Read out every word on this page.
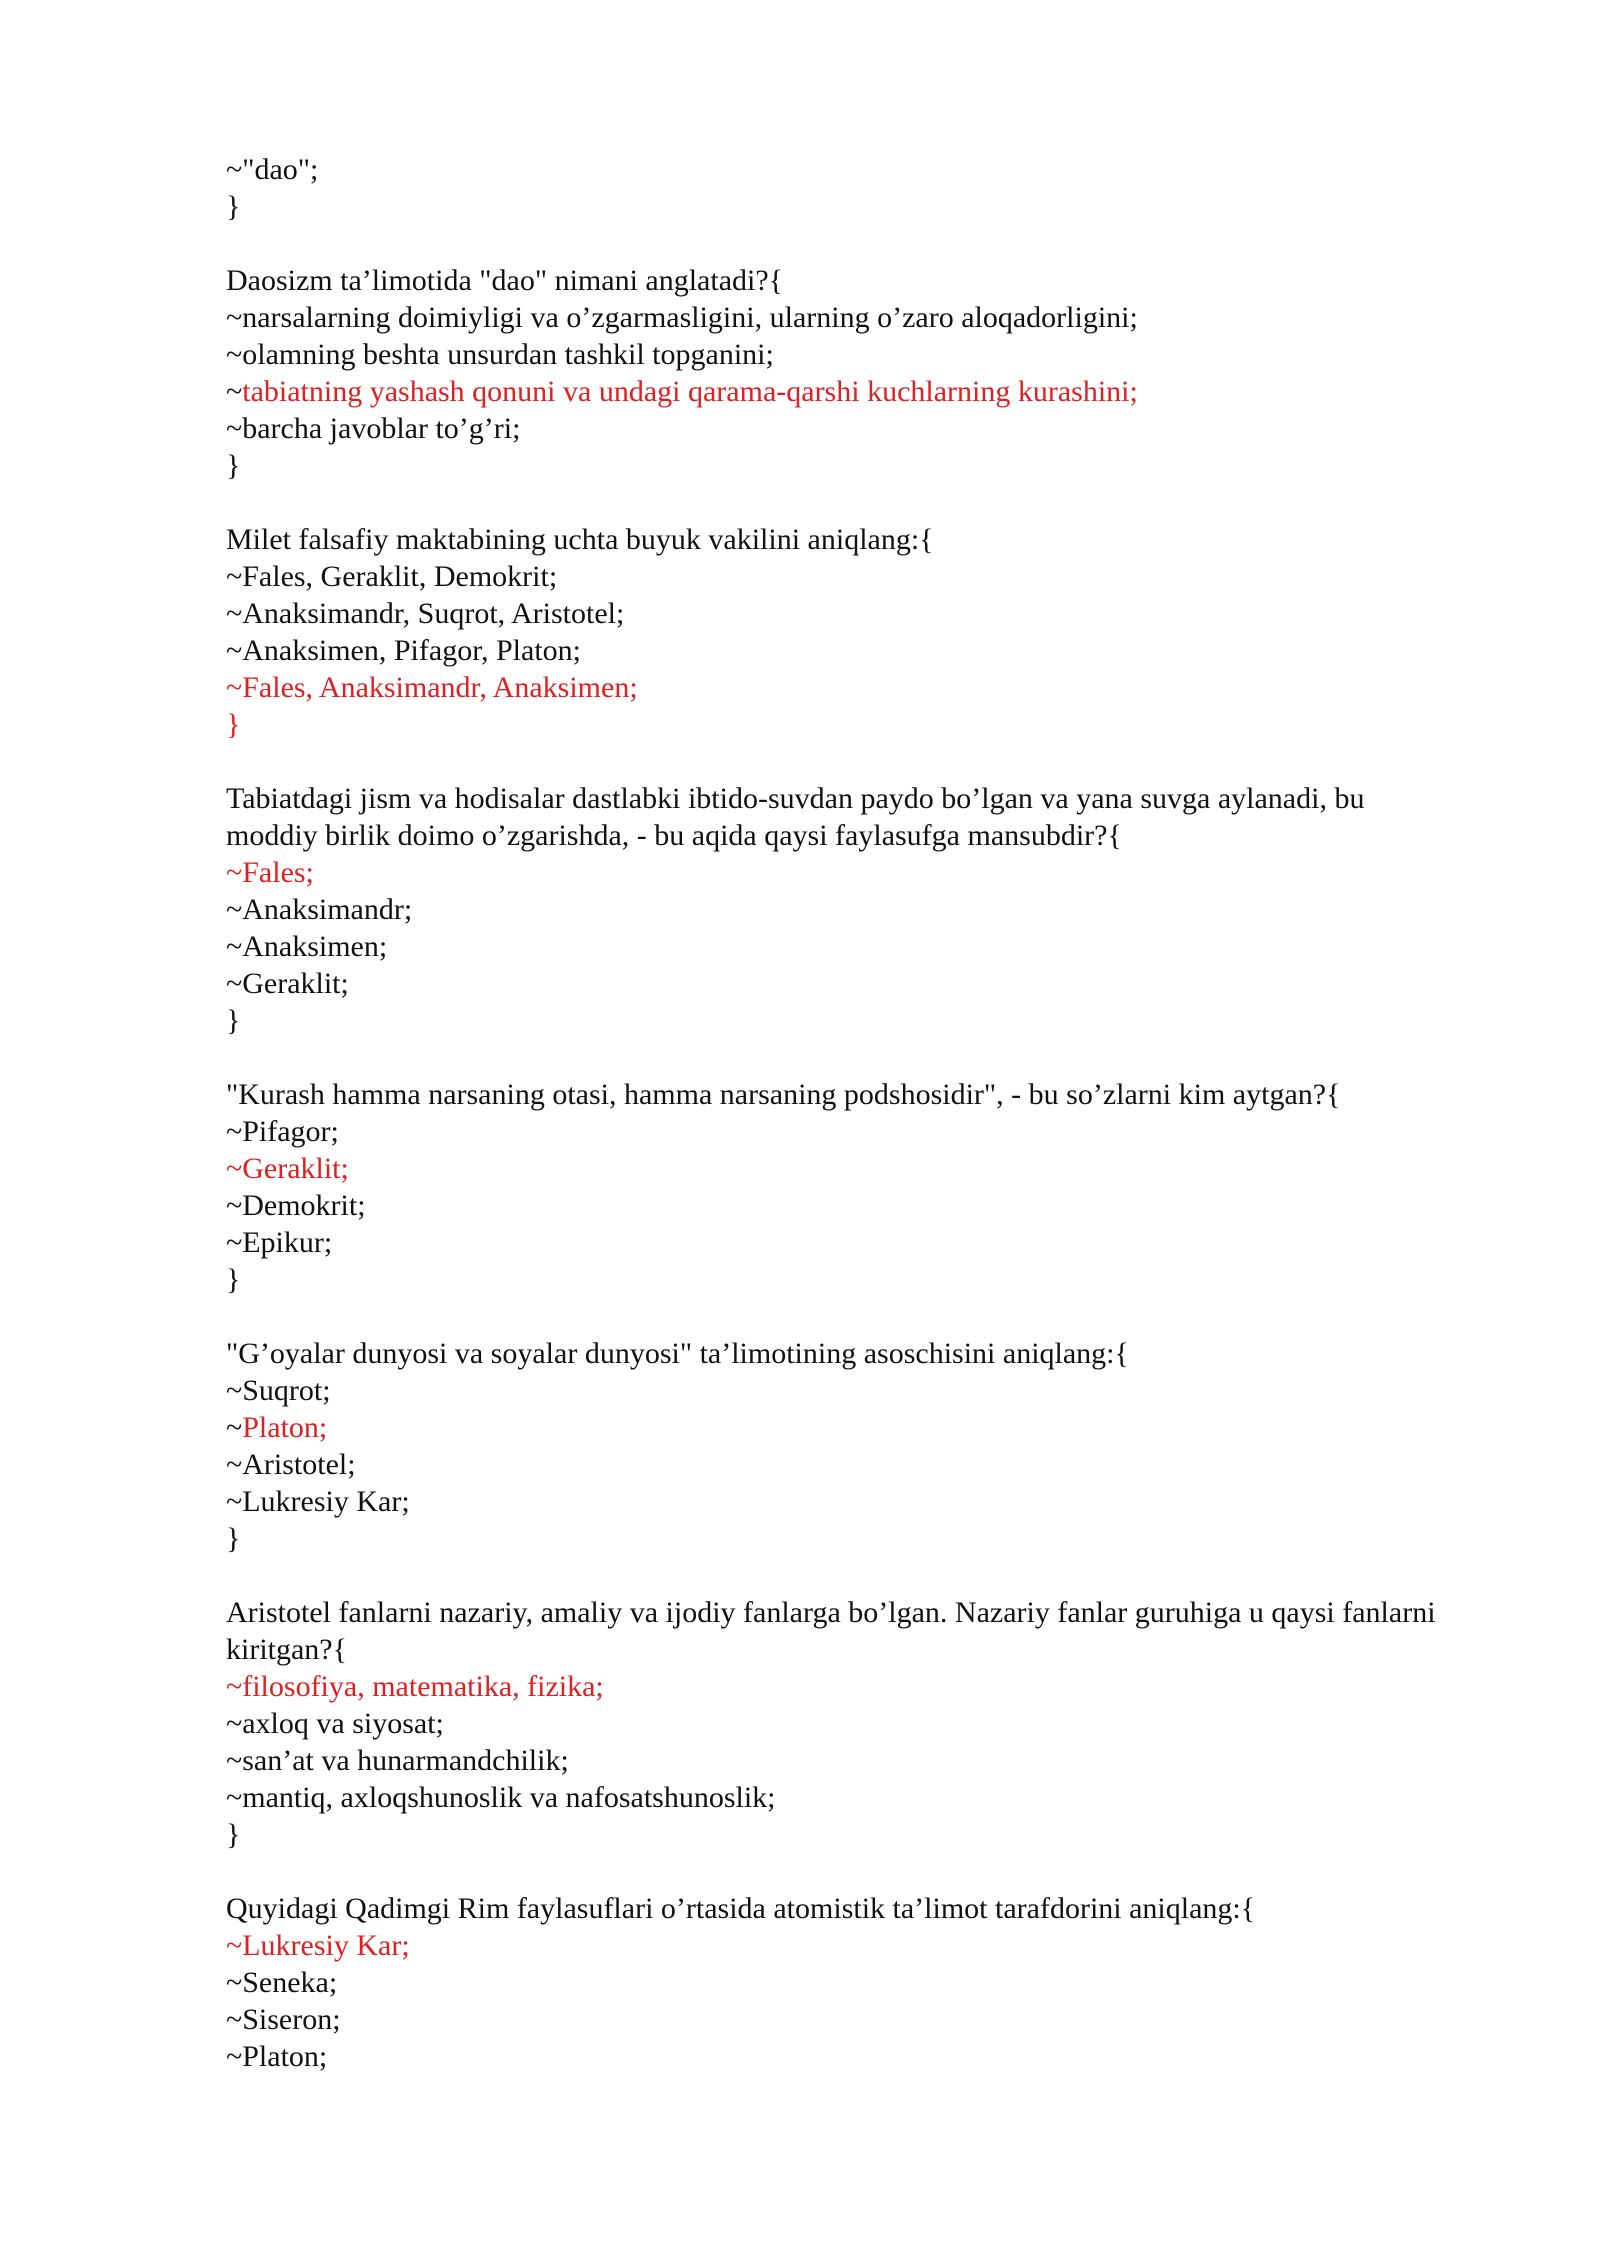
~"dao";
}
Daosizm ta’limotida "dao" nimani anglatadi?{
~narsalarning doimiyligi va o’zgarmasligini, ularning o’zaro aloqadorligini;
~olamning beshta unsurdan tashkil topganini;
~tabiatning yashash qonuni va undagi qarama-qarshi kuchlarning kurashini;
~barcha javoblar to’g’ri;
}
Milet falsafiy maktabining uchta buyuk vakilini aniqlang:{
~Fales, Geraklit, Demokrit;
~Anaksimandr, Suqrot, Aristotel;
~Anaksimen, Pifagor, Platon;
~Fales, Anaksimandr, Anaksimen;
}
Tabiatdagi jism va hodisalar dastlabki ibtido-suvdan paydo bo’lgan va yana suvga aylanadi, bu moddiy birlik doimo o’zgarishda, - bu aqida qaysi faylasufga mansubdir?{
~Fales;
~Anaksimandr;
~Anaksimen;
~Geraklit;
}
"Kurash hamma narsaning otasi, hamma narsaning podshosidir", - bu so’zlarni kim aytgan?{
~Pifagor;
~Geraklit;
~Demokrit;
~Epikur;
}
"G’oyalar dunyosi va soyalar dunyosi" ta’limotining asoschisini aniqlang:{
~Suqrot;
~Platon;
~Aristotel;
~Lukresiy Kar;
}
Aristotel fanlarni nazariy, amaliy va ijodiy fanlarga bo’lgan. Nazariy fanlar guruhiga u qaysi fanlarni kiritgan?{
~filosofiya, matematika, fizika;
~axloq va siyosat;
~san’at va hunarmandchilik;
~mantiq, axloqshunoslik va nafosatshunoslik;
}
Quyidagi Qadimgi Rim faylasuflari o’rtasida atomistik ta’limot tarafdorini aniqlang:{
~Lukresiy Kar;
~Seneka;
~Siseron;
~Platon;
